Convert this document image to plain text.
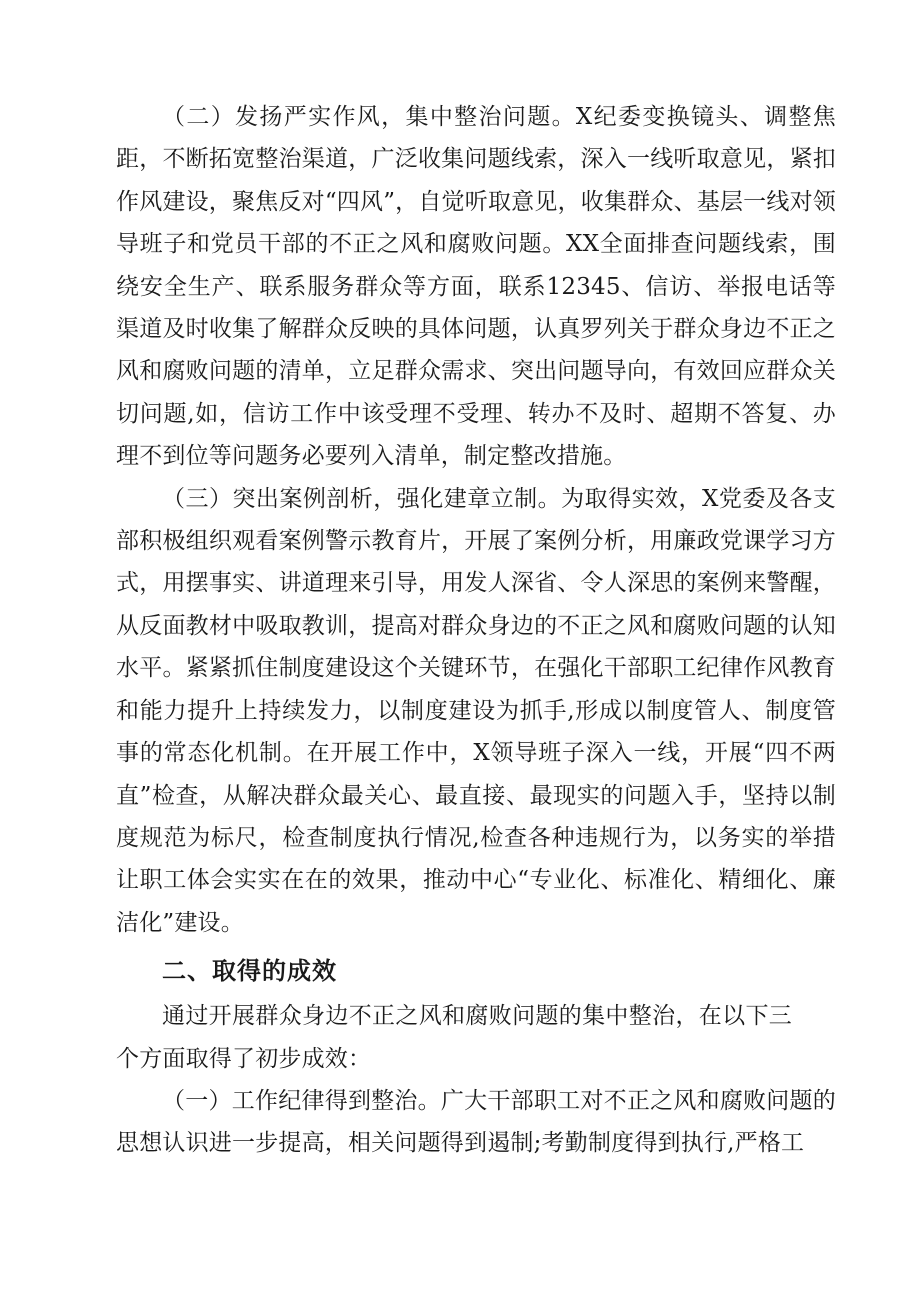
（二）发扬严实作风，集中整治问题。X纪委变换镜头、调整焦距，不断拓宽整治渠道，广泛收集问题线索，深入一线听取意见，紧扣作风建设，聚焦反对“四风”，自觉听取意见，收集群众、基层一线对领导班子和党员干部的不正之风和腐败问题。XX全面排查问题线索，围绕安全生产、联系服务群众等方面，联系12345、信访、举报电话等渠道及时收集了解群众反映的具体问题，认真罗列关于群众身边不正之风和腐败问题的清单，立足群众需求、突出问题导向，有效回应群众关切问题,如，信访工作中该受理不受理、转办不及时、超期不答复、办理不到位等问题务必要列入清单，制定整改措施。

（三）突出案例剖析，强化建章立制。为取得实效，X党委及各支部积极组织观看案例警示教育片，开展了案例分析，用廉政党课学习方式，用摆事实、讲道理来引导，用发人深省、令人深思的案例来警醒，从反面教材中吸取教训，提高对群众身边的不正之风和腐败问题的认知水平。紧紧抓住制度建设这个关键环节，在强化干部职工纪律作风教育和能力提升上持续发力，以制度建设为抓手,形成以制度管人、制度管事的常态化机制。在开展工作中，X领导班子深入一线，开展“四不两直”检查，从解决群众最关心、最直接、最现实的问题入手，坚持以制度规范为标尺，检查制度执行情况,检查各种违规行为，以务实的举措让职工体会实实在在的效果，推动中心“专业化、标准化、精细化、廉洁化”建设。

二、取得的成效

通过开展群众身边不正之风和腐败问题的集中整治，在以下三个方面取得了初步成效：

（一）工作纪律得到整治。广大干部职工对不正之风和腐败问题的思想认识进一步提高，相关问题得到遏制;考勤制度得到执行,严格工
